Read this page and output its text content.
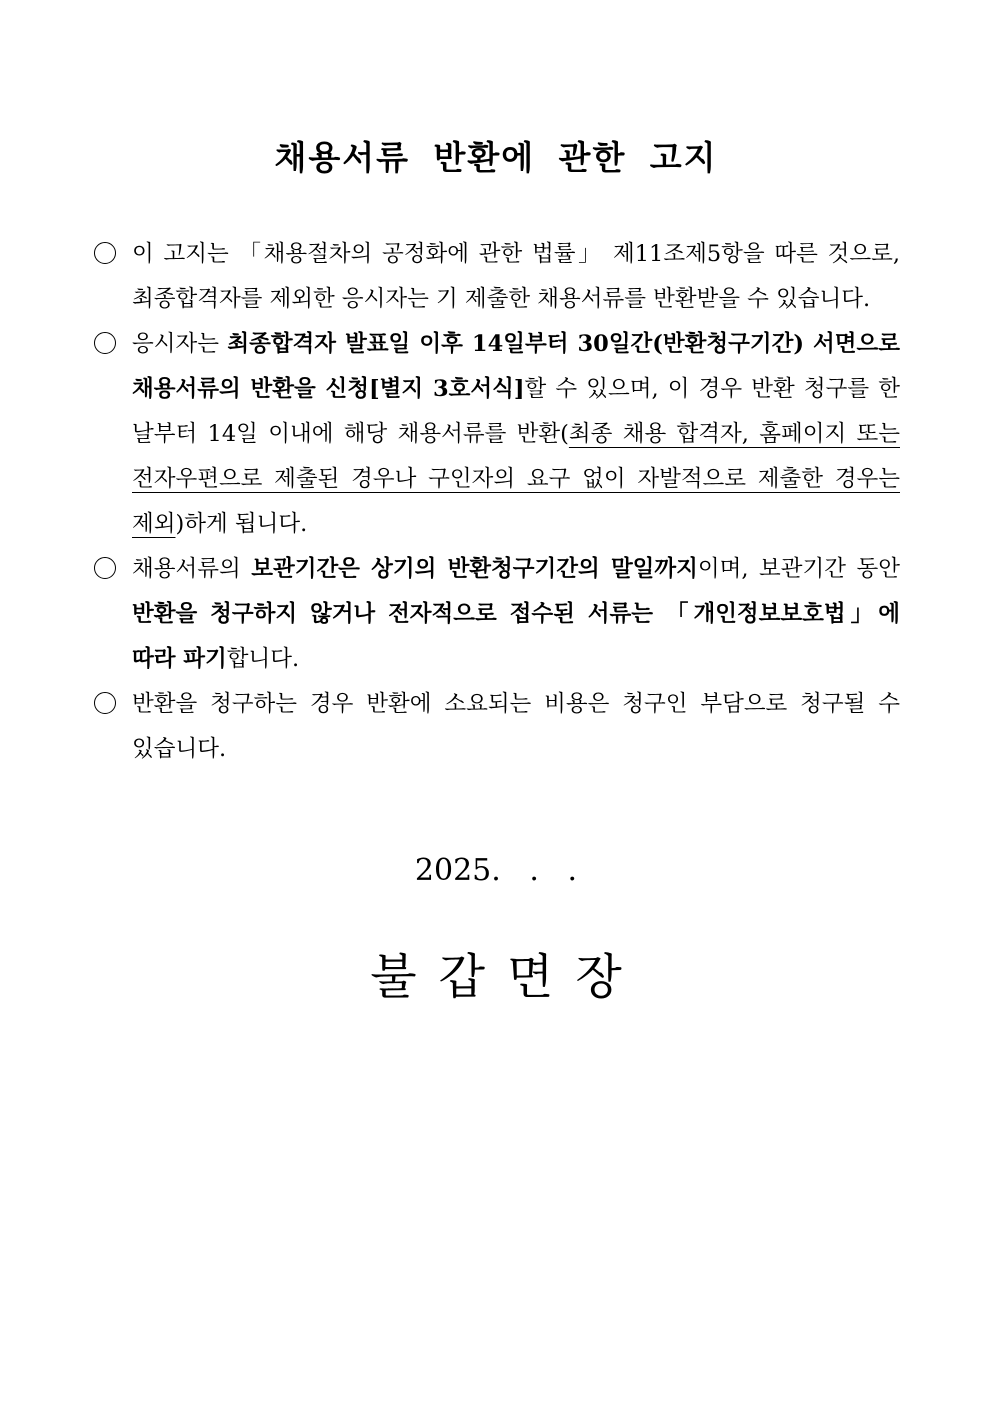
채용서류 반환에 관한 고지
이 고지는 「채용절차의 공정화에 관한 법률」 제11조제5항을 따른 것으로, 최종합격자를 제외한 응시자는 기 제출한 채용서류를 반환받을 수 있습니다.
응시자는 최종합격자 발표일 이후 14일부터 30일간(반환청구기간) 서면으로 채용서류의 반환을 신청[별지 3호서식]할 수 있으며, 이 경우 반환 청구를 한 날부터 14일 이내에 해당 채용서류를 반환(최종 채용 합격자, 홈페이지 또는 전자우편으로 제출된 경우나 구인자의 요구 없이 자발적으로 제출한 경우는 제외)하게 됩니다.
채용서류의 보관기간은 상기의 반환청구기간의 말일까지이며, 보관기간 동안 반환을 청구하지 않거나 전자적으로 접수된 서류는 「개인정보보호법」에 따라 파기합니다.
반환을 청구하는 경우 반환에 소요되는 비용은 청구인 부담으로 청구될 수 있습니다.
2025.   .   .
불갑면장
